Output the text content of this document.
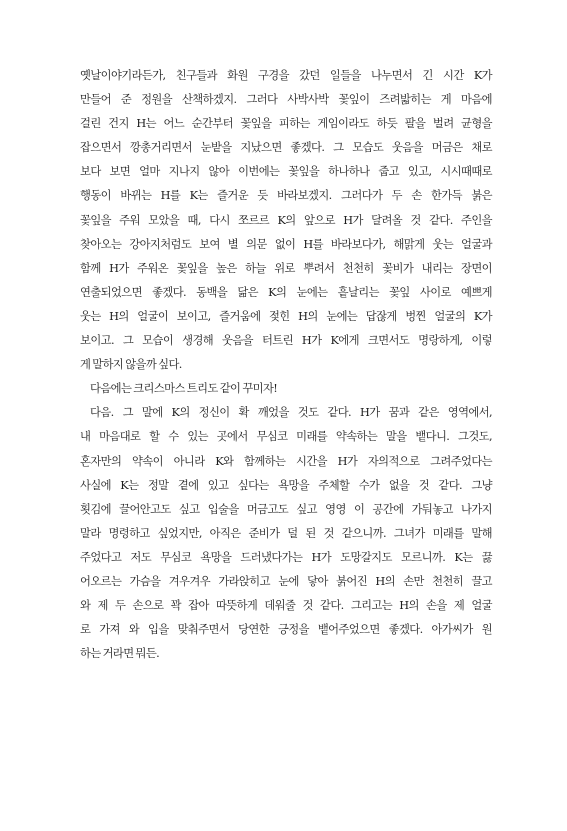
옛날이야기라든가, 친구들과 화원 구경을 갔던 일들을 나누면서 긴 시간 K가
만들어 준 정원을 산책하겠지. 그러다 사박사박 꽃잎이 즈려밟히는 게 마음에
걸린 건지 H는 어느 순간부터 꽃잎을 피하는 게임이라도 하듯 팔을 벌려 균형을
잡으면서 깡총거리면서 눈밭을 지났으면 좋겠다. 그 모습도 웃음을 머금은 채로
보다 보면 얼마 지나지 않아 이번에는 꽃잎을 하나하나 줍고 있고, 시시때때로
행동이 바뀌는 H를 K는 즐거운 듯 바라보겠지. 그러다가 두 손 한가득 붉은
꽃잎을 주워 모았을 때, 다시 쪼르르 K의 앞으로 H가 달려올 것 같다. 주인을
찾아오는 강아지처럼도 보여 별 의문 없이 H를 바라보다가, 해맑게 웃는 얼굴과
함께 H가 주워온 꽃잎을 높은 하늘 위로 뿌려서 천천히 꽃비가 내리는 장면이
연출되었으면 좋겠다. 동백을 닮은 K의 눈에는 흩날리는 꽃잎 사이로 예쁘게
웃는 H의 얼굴이 보이고, 즐거움에 젖힌 H의 눈에는 답잖게 벙찐 얼굴의 K가
보이고. 그 모습이 생경해 웃음을 터트린 H가 K에게 크면서도 명랑하게, 이렇
게 말하지 않을까 싶다.
다음에는 크리스마스 트리도 같이 꾸미자!
다음. 그 말에 K의 정신이 확 깨었을 것도 같다. H가 꿈과 같은 영역에서,
내 마음대로 할 수 있는 곳에서 무심코 미래를 약속하는 말을 뱉다니. 그것도,
혼자만의 약속이 아니라 K와 함께하는 시간을 H가 자의적으로 그려주었다는
사실에 K는 정말 곁에 있고 싶다는 욕망을 주체할 수가 없을 것 같다. 그냥
횟김에 끌어안고도 싶고 입술을 머금고도 싶고 영영 이 공간에 가둬놓고 나가지
말라 명령하고 싶었지만, 아직은 준비가 덜 된 것 같으니까. 그녀가 미래를 말해
주었다고 저도 무심코 욕망을 드러냈다가는 H가 도망갈지도 모르니까. K는 끓
어오르는 가슴을 겨우겨우 가라앉히고 눈에 닿아 붉어진 H의 손만 천천히 끌고
와 제 두 손으로 꽉 잡아 따뜻하게 데워줄 것 같다. 그리고는 H의 손을 제 얼굴
로 가져 와 입을 맞춰주면서 당연한 긍정을 뱉어주었으면 좋겠다. 아가씨가 원
하는 거라면 뭐든.
